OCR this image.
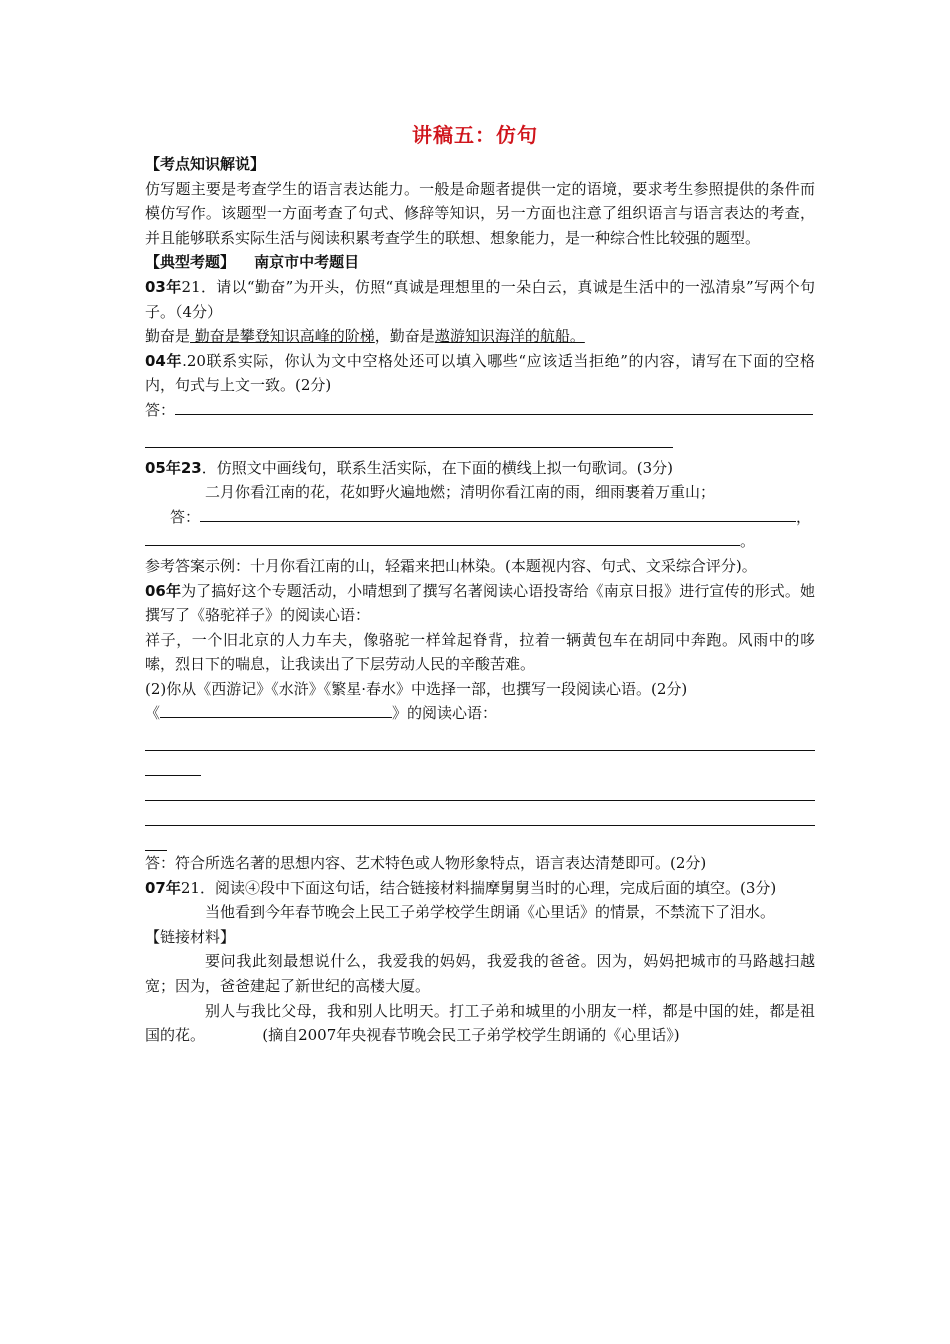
讲稿五：仿句

【考点知识解说】

仿写题主要是考查学生的语言表达能力。一般是命题者提供一定的语境，要求考生参照提供的条件而模仿写作。该题型一方面考查了句式、修辞等知识，另一方面也注意了组织语言与语言表达的考查，并且能够联系实际生活与阅读积累考查学生的联想、想象能力，是一种综合性比较强的题型。

【典型考题】 南京市中考题目

03年21．请以“勤奋”为开头，仿照“真诚是理想里的一朵白云，真诚是生活中的一泓清泉”写两个句子。（4分）

勤奋是 勤奋是攀登知识高峰的阶梯，勤奋是遨游知识海洋的航船。

04年.20联系实际，你认为文中空格处还可以填入哪些“应该适当拒绝”的内容，请写在下面的空格内，句式与上文一致。(2分)

答：

05年23．仿照文中画线句，联系生活实际，在下面的横线上拟一句歌词。(3分)

二月你看江南的花，花如野火遍地燃；清明你看江南的雨，细雨裹着万重山；

答：	，

。

参考答案示例：十月你看江南的山，轻霜来把山林染。(本题视内容、句式、文采综合评分)。

06年为了搞好这个专题活动，小晴想到了撰写名著阅读心语投寄给《南京日报》进行宣传的形式。她撰写了《骆驼祥子》的阅读心语：

祥子，一个旧北京的人力车夫，像骆驼一样耸起脊背，拉着一辆黄包车在胡同中奔跑。风雨中的哆嗦，烈日下的喘息，让我读出了下层劳动人民的辛酸苦难。

(2)你从《西游记》《水浒》《繁星·春水》中选择一部，也撰写一段阅读心语。(2分)

《	》的阅读心语：

答：符合所选名著的思想内容、艺术特色或人物形象特点，语言表达清楚即可。(2分)

07年21．阅读④段中下面这句话，结合链接材料揣摩舅舅当时的心理，完成后面的填空。(3分)

当他看到今年春节晚会上民工子弟学校学生朗诵《心里话》的情景，不禁流下了泪水。

【链接材料】

要问我此刻最想说什么，我爱我的妈妈，我爱我的爸爸。因为，妈妈把城市的马路越扫越宽；因为，爸爸建起了新世纪的高楼大厦。

别人与我比父母，我和别人比明天。打工子弟和城里的小朋友一样，都是中国的娃，都是祖国的花。	(摘自2007年央视春节晚会民工子弟学校学生朗诵的《心里话》)
